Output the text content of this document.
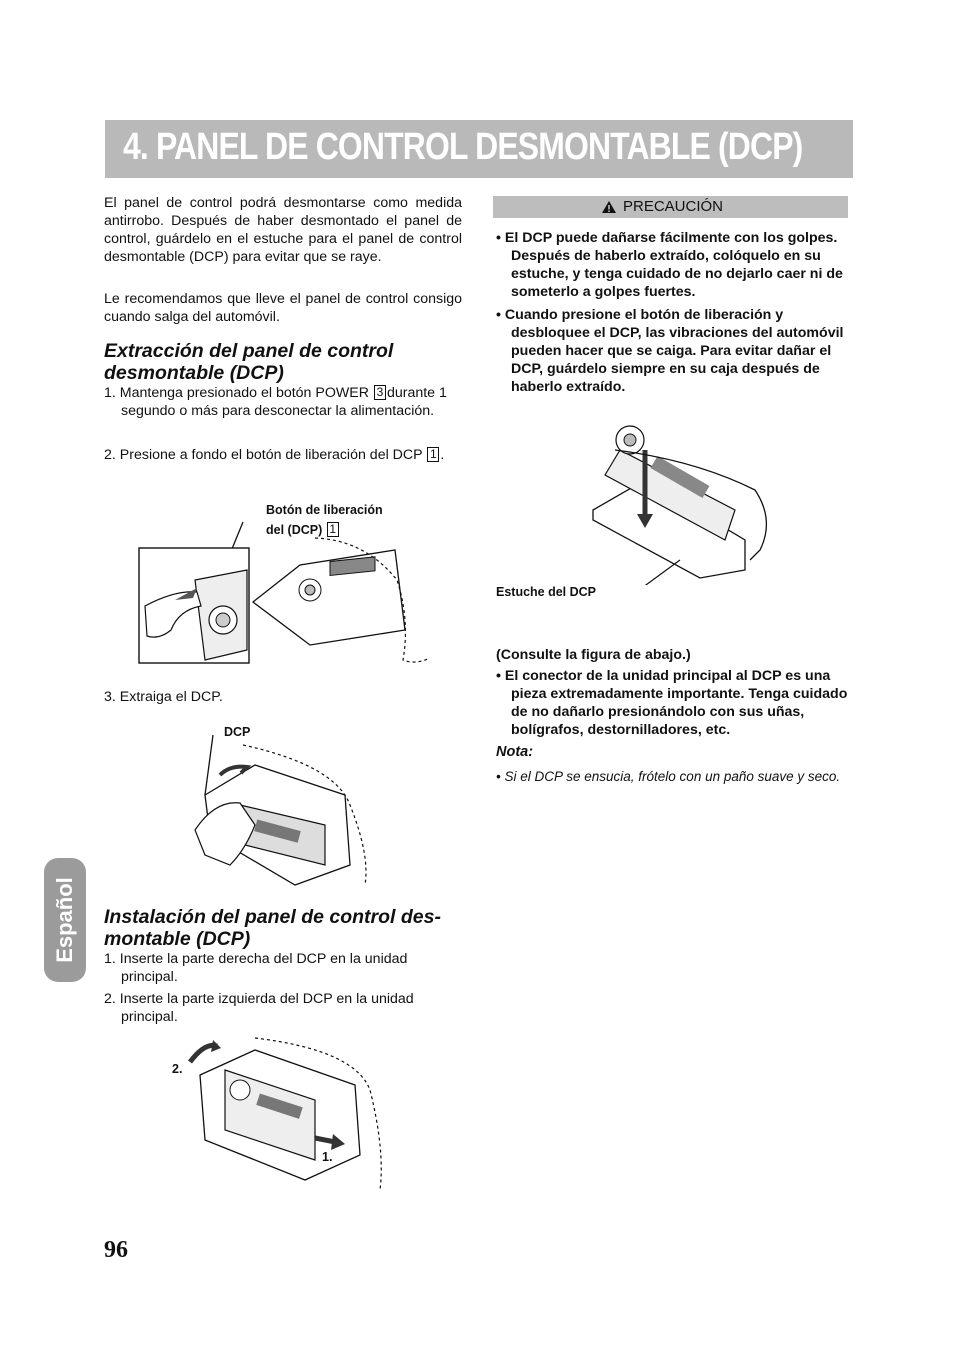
4. PANEL DE CONTROL DESMONTABLE (DCP)
Español

El panel de control podrá desmontarse como medida antirrobo. Después de haber desmontado el panel de control, guárdelo en el estuche para el panel de control desmontable (DCP) para evitar que se raye.

Le recomendamos que lleve el panel de control consigo cuando salga del automóvil.

Extracción del panel de control
desmontable (DCP)
1. Mantenga presionado el botón POWER 3 durante 1 segundo o más para desconectar la alimentación.
2. Presione a fondo el botón de liberación del DCP 1 .
Botón de liberación
del (DCP) 1
3. Extraiga el DCP.
DCP
Instalación del panel de control des-
montable (DCP)
1. Inserte la parte derecha del DCP en la unidad principal.
2. Inserte la parte izquierda del DCP en la unidad principal.
2.
1.
PRECAUCIÓN
• El DCP puede dañarse fácilmente con los golpes. Después de haberlo extraído, colóquelo en su estuche, y tenga cuidado de no dejarlo caer ni de someterlo a golpes fuertes.
• Cuando presione el botón de liberación y desbloquee el DCP, las vibraciones del automóvil pueden hacer que se caiga. Para evitar dañar el DCP, guárdelo siempre en su caja después de haberlo extraído.
Estuche del DCP
(Consulte la figura de abajo.)
• El conector de la unidad principal al DCP es una pieza extremadamente importante. Tenga cuidado de no dañarlo presionándolo con sus uñas, bolígrafos, destornilladores, etc.
Nota:
• Si el DCP se ensucia, frótelo con un paño suave y seco.
96
